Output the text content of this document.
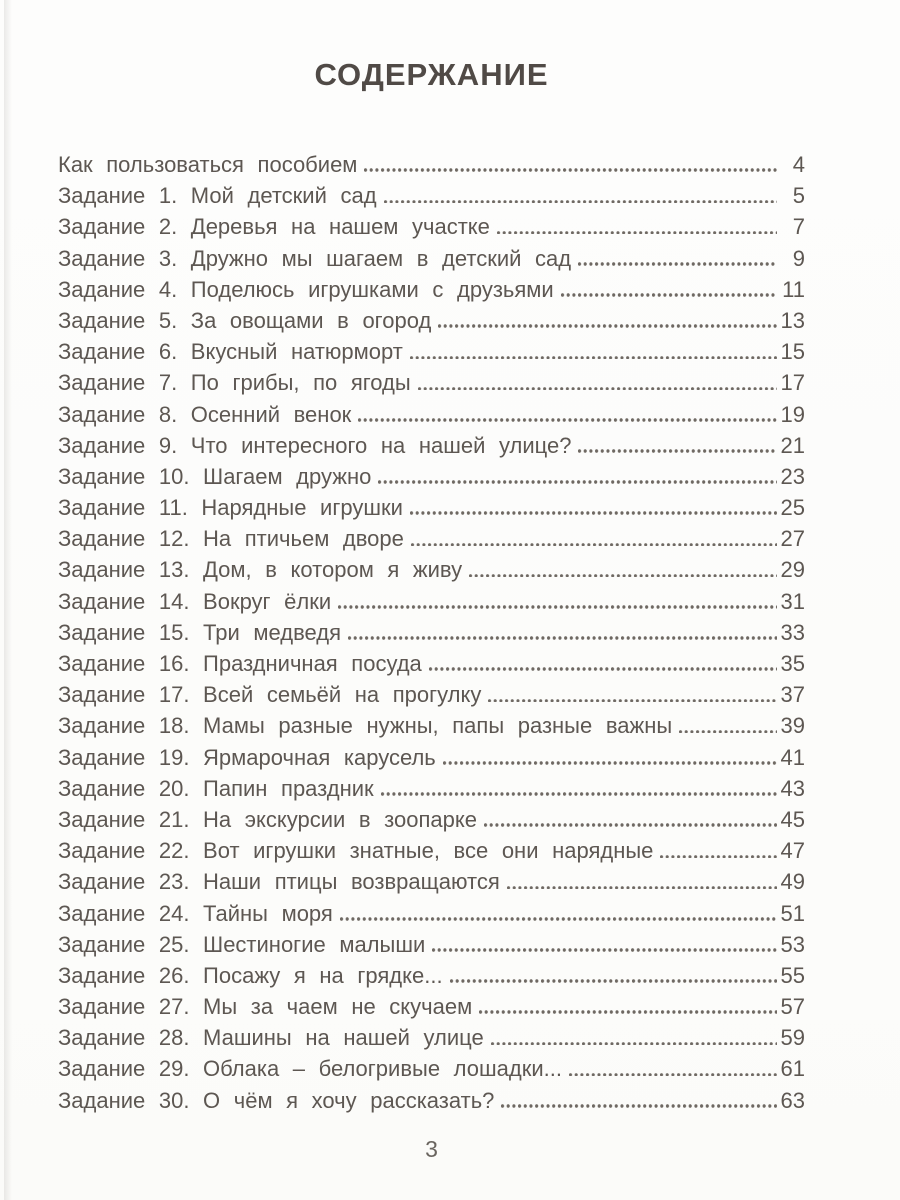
СОДЕРЖАНИЕ
Как пользоваться пособием	4
Задание 1. Мой детский сад	5
Задание 2. Деревья на нашем участке	7
Задание 3. Дружно мы шагаем в детский сад	9
Задание 4. Поделюсь игрушками с друзьями	11
Задание 5. За овощами в огород	13
Задание 6. Вкусный натюрморт	15
Задание 7. По грибы, по ягоды	17
Задание 8. Осенний венок	19
Задание 9. Что интересного на нашей улице?	21
Задание 10. Шагаем дружно	23
Задание 11. Нарядные игрушки	25
Задание 12. На птичьем дворе	27
Задание 13. Дом, в котором я живу	29
Задание 14. Вокруг ёлки	31
Задание 15. Три медведя	33
Задание 16. Праздничная посуда	35
Задание 17. Всей семьёй на прогулку	37
Задание 18. Мамы разные нужны, папы разные важны	39
Задание 19. Ярмарочная карусель	41
Задание 20. Папин праздник	43
Задание 21. На экскурсии в зоопарке	45
Задание 22. Вот игрушки знатные, все они нарядные	47
Задание 23. Наши птицы возвращаются	49
Задание 24. Тайны моря	51
Задание 25. Шестиногие малыши	53
Задание 26. Посажу я на грядке...	55
Задание 27. Мы за чаем не скучаем	57
Задание 28. Машины на нашей улице	59
Задание 29. Облака – белогривые лошадки...	61
Задание 30. О чём я хочу рассказать?	63
3
